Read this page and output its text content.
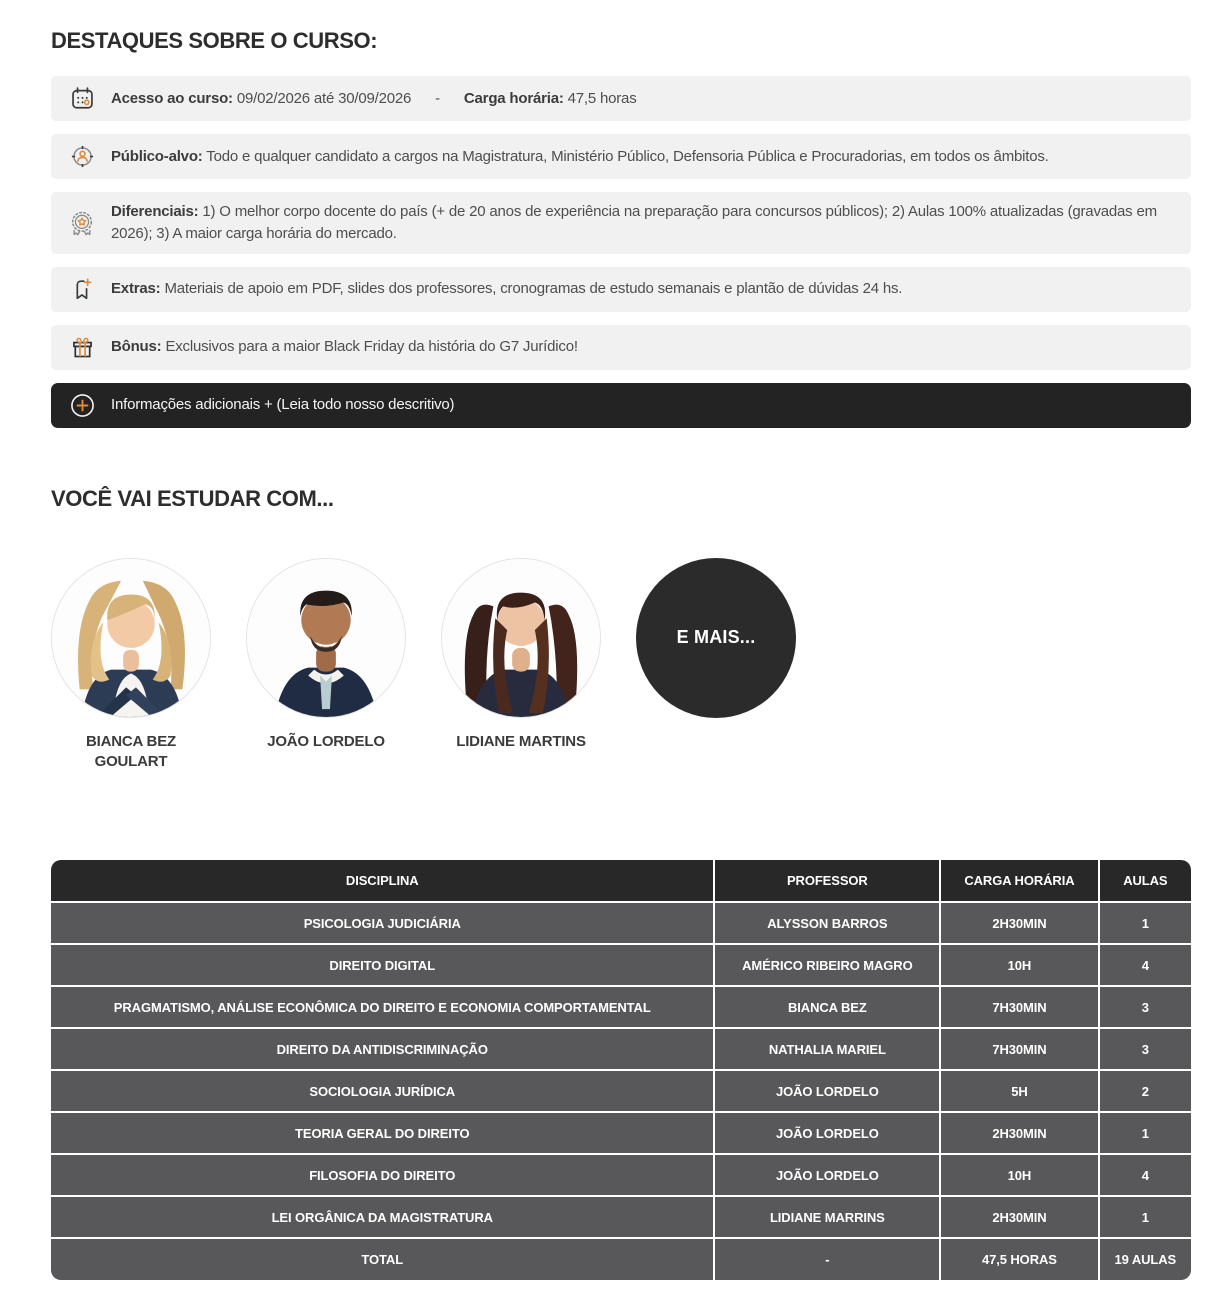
DESTAQUES SOBRE O CURSO:
Acesso ao curso: 09/02/2026 até 30/09/2026 - Carga horária: 47,5 horas
Público-alvo: Todo e qualquer candidato a cargos na Magistratura, Ministério Público, Defensoria Pública e Procuradorias, em todos os âmbitos.
Diferenciais: 1) O melhor corpo docente do país (+ de 20 anos de experiência na preparação para concursos públicos); 2) Aulas 100% atualizadas (gravadas em 2026); 3) A maior carga horária do mercado.
Extras: Materiais de apoio em PDF, slides dos professores, cronogramas de estudo semanais e plantão de dúvidas 24 hs.
Bônus: Exclusivos para a maior Black Friday da história do G7 Jurídico!
Informações adicionais + (Leia todo nosso descritivo)
VOCÊ VAI ESTUDAR COM...
BIANCA BEZ GOULART
JOÃO LORDELO	LIDIANE MARTINS
E MAIS...
DISCIPLINA	PROFESSOR	CARGA HORÁRIA	AULAS
PSICOLOGIA JUDICIÁRIA	ALYSSON BARROS	2H30MIN	1
DIREITO DIGITAL	AMÉRICO RIBEIRO MAGRO	10H	4
PRAGMATISMO, ANÁLISE ECONÔMICA DO DIREITO E ECONOMIA COMPORTAMENTAL	BIANCA BEZ	7H30MIN	3
DIREITO DA ANTIDISCRIMINAÇÃO	NATHALIA MARIEL	7H30MIN	3
SOCIOLOGIA JURÍDICA	JOÃO LORDELO	5H	2
TEORIA GERAL DO DIREITO	JOÃO LORDELO	2H30MIN	1
FILOSOFIA DO DIREITO	JOÃO LORDELO	10H	4
LEI ORGÂNICA DA MAGISTRATURA	LIDIANE MARRINS	2H30MIN	1
TOTAL	-	47,5 HORAS	19 AULAS
